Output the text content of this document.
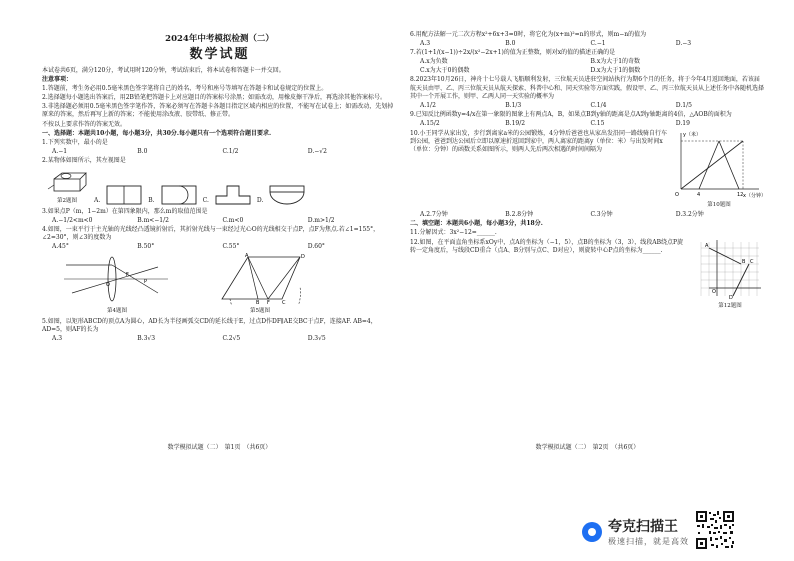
2024年中考模拟检测（二）
数学试题

本试卷共6页，满分120分，考试用时120分钟，考试结束后，将本试卷和答题卡一并交回。

注意事项：

1.答题前，考生务必用0.5毫米黑色签字笔将自己的姓名、考号和座号等填写在答题卡和试卷规定的位置上。

2.选择题每小题选出答案后，用2B铅笔把答题卡上对应题目的答案标号涂黑；如需改动，用橡皮擦干净后，再选涂其他答案标号。

3.非选择题必须用0.5毫米黑色签字笔作答，答案必须写在答题卡各题目指定区域内相应的位置，不能写在试卷上；如需改动，先划掉原来的答案，然后再写上新的答案；不能使用涂改液、胶带纸、修正带。

不按以上要求作答的答案无效。

一、选择题：本题共10小题，每小题3分，共30分.每小题只有一个选项符合题目要求.

1.下列实数中，最小的是

A.−1	B.0	C.1/2	D.−√2

2.某物体如图所示，其左视图是

第2题图	A.	B.	C.	D.

3.如果点P（m，1−2m）在第四象限内，那么m的取值范围是

A.−1/2<m<0	B.m<−1/2	C.m<0	D.m>1/2

4.如图，一束平行于主光轴的光线经凸透镜折射后，其折射光线与一束经过光心O的光线相交于点P，点F为焦点.若∠1=155°，∠2=30°，则∠3的度数为

A.45°	B.50°	C.55°	D.60°
O
F
P
第4题图
A	D
B F C
第5题图

5.如图，以矩形ABCD的顶点A为圆心，AD长为半径画弧交CD的延长线于E，过点D作DF∥AE交BC于点F，连接AF. AB=4，AD=5，则AF的长为

A.3	B.3√3	C.2√5	D.3√5
数学模拟试题（二）　第1页　（共6页）

6.用配方法解一元二次方程x²+6x+3=0时，将它化为(x+m)²=n的形式，则m−n的值为

A.3	B.0	C.−1	D.−3

7.若(1+1/(x−1))÷2x/(x²−2x+1)的值为正整数，则对x的值的描述正确的是

A.x为负数	B.x为大于1的奇数
C.x为大于0的偶数	D.x为大于1的偶数

8.2023年10月26日，神舟十七号载人飞船顺利发射，三位航天员进驻空间站执行为期6个月的任务，将于今年4月返回地面，若该届航天员由甲、乙、丙三位航天员从航天探索、科普中心和、同天实验等方面实践，假设甲、乙、丙三位航天员从上述任务中各随机选择其中一个开展工作，则甲、乙两人同一天实验的概率为

A.1/2	B.1/3	C.1/4	D.1/5

9.已知反比例函数y=4/x在第一象限的图象上有两点A，B，如果点B到y轴的距离是点A到y轴距离的4倍，△AOB的面积为

A.15/2	B.19/2	C.15	D.19

10.小王同学从家出发，步行到离家a米的公园锻炼，4分钟后爸爸也从家出发沿同一路线骑自行车到公园，爸爸到达公园后立即以原速折返回到家中，两人离家的距离y（单位：米）与出发时间x（单位：分钟）的函数关系如图所示，则两人先后两次相遇的时间间隔为

y（米）
x（分钟）
4	12
O
第10题图
A.2.7分钟	B.2.8分钟	C.3分钟	D.3.2分钟

二、填空题：本题共6小题，每小题3分，共18分.

11.分解因式：3x²−12=______.

12.如图，在平面直角坐标系xOy中，点A的坐标为（−1，5），点B的坐标为（3，3），线段AB绕点P旋转一定角度后，与线段CD重合（点A、B分别与点C、D对应），则旋转中心P点的坐标为______.

A
B C
D
O
第12题图
数学模拟试题（二）　第2页　（共6页）
夸克扫描王
极速扫描，就是高效
